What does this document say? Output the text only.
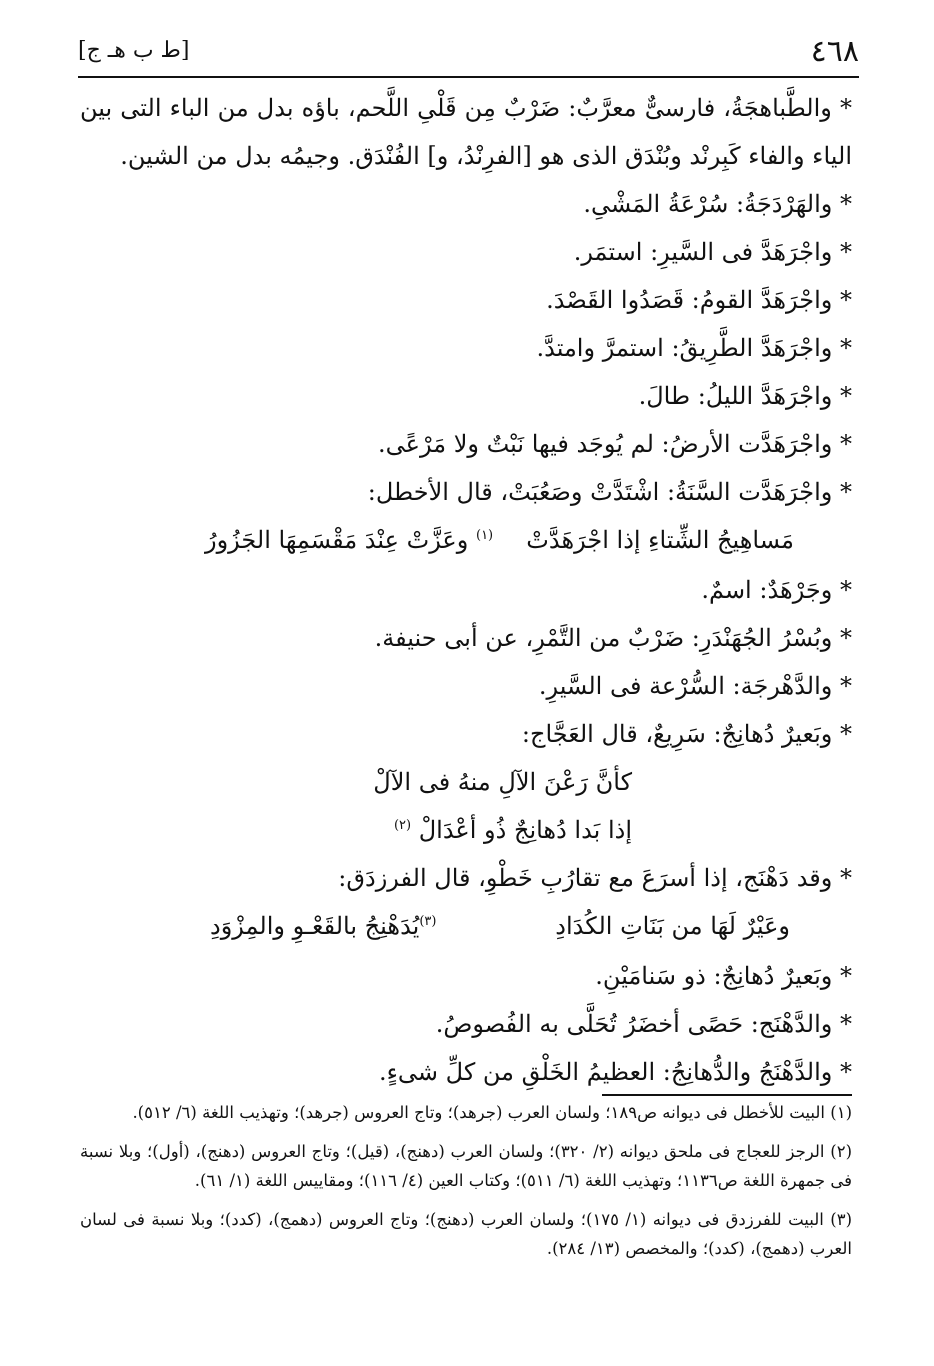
٤٦٨
[ط ب هـ ج]
* والطَّباهجَةُ، فارسىٌّ معرَّبٌ: ضَرْبٌ مِن قَلْىِ اللَّحم، باؤه بدل من الباء التى بين الياء والفاء كَبِرنْد وبُنْدَق الذى هو [الفرِنْدُ، و] الفُنْدَق. وجيمُه بدل من الشين.
* والهَرْدَجَةُ: سُرْعَةُ المَشْىِ.
* واجْرَهَدَّ فى السَّيرِ: استمَر.
* واجْرَهَدَّ القومُ: قَصَدُوا القَصْدَ.
* واجْرَهَدَّ الطَّرِيقُ: استمرَّ وامتدَّ.
* واجْرَهَدَّ الليلُ: طالَ.
* واجْرَهَدَّت الأرضُ: لم يُوجَد فيها نَبْتٌ ولا مَرْعًى.
* واجْرَهَدَّت السَّنَةُ: اشْتَدَّتْ وصَعُبَتْ، قال الأخطل:
مَساهِيجُ الشِّتاءِ إذا اجْرَهَدَّتْ
$^{(١)}$ وعَزَّتْ عِنْدَ مَقْسَمِهَا الجَزُورُ
* وجَرْهَدٌ: اسمٌ.
* وبُسْرُ الجُهَنْدَرِ: ضَرْبٌ من التَّمْرِ، عن أبى حنيفة.
* والدَّهْرجَة: السُّرْعة فى السَّيرِ.
* وبَعيرٌ دُهانِجٌ: سَرِيعٌ، قال العَجَّاج:
كأنَّ رَعْنَ الآلِ منهُ فى الآلْ
إذا بَدا دُهانِجٌ ذُو أعْدَالْ $^{(٢)}$
* وقد دَهْنَج، إذا أسرَعَ مع تقارُبِ خَطْوِ، قال الفرزدَق:
وعَيْرٌ لَهَا من بَنَاتِ الكُدَادِ
$^{(٣)}$يُدَهْنِجُ بالقَعْـوِ والمِزْوَدِ
* وبَعيرٌ دُهانِجٌ: ذو سَنامَيْنِ.
* والدَّهْنَج: حَصًى أخضَرُ تُحَلَّى به الفُصوصُ.
* والدَّهْنَجُ والدُّهانِجُ: العظيمُ الخَلْقِ من كلِّ شىءٍ.
(١) البيت للأخطل فى ديوانه ص١٨٩؛ ولسان العرب (جرهد)؛ وتاج العروس (جرهد)؛ وتهذيب اللغة (٦/ ٥١٢).
(٢) الرجز للعجاج فى ملحق ديوانه (٢/ ٣٢٠)؛ ولسان العرب (دهنج)، (قيل)؛ وتاج العروس (دهنج)، (أول)؛ وبلا نسبة فى جمهرة اللغة ص١١٣٦؛ وتهذيب اللغة (٦/ ٥١١)؛ وكتاب العين (٤/ ١١٦)؛ ومقاييس اللغة (١/ ٦١).
(٣) البيت للفرزدق فى ديوانه (١/ ١٧٥)؛ ولسان العرب (دهنج)؛ وتاج العروس (دهمج)، (كدد)؛ وبلا نسبة فى لسان العرب (دهمج)، (كدد)؛ والمخصص (١٣/ ٢٨٤).
